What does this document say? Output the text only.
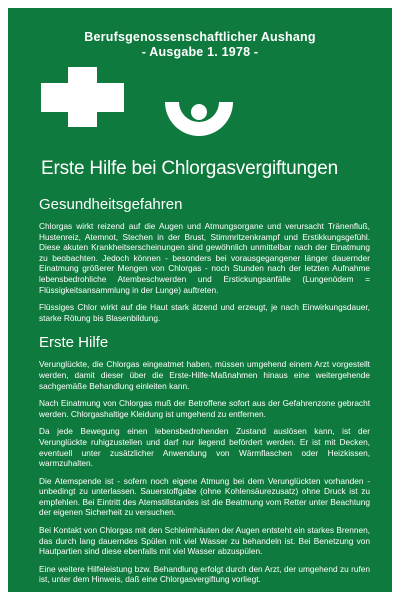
Berufsgenossenschaftlicher Aushang
- Ausgabe 1. 1978 -
Erste Hilfe bei Chlorgasvergiftungen
Gesundheitsgefahren

Chlorgas wirkt reizend auf die Augen und Atmungsorgane und verursacht Tränenfluß, Hustenreiz, Atemnot, Stechen in der Brust, Stimmritzenkrampf und Erstikkungsgefühl. Diese akuten Krankheitserscheinungen sind gewöhnlich unmittelbar nach der Einatmung zu beobachten. Jedoch können - besonders bei vorausgegangener länger dauernder Einatmung größerer Mengen von Chlorgas - noch Stunden nach der letzten Aufnahme lebensbedrohliche Atembeschwerden und Erstickungsanfälle (Lungenödem = Flüssigkeitsansammlung in der Lunge) auftreten.

Flüssiges Chlor wirkt auf die Haut stark ätzend und erzeugt, je nach Einwirkungsdauer, starke Rötung bis Blasenbildung.

Erste Hilfe

Verunglückte, die Chlorgas eingeatmet haben, müssen umgehend einem Arzt vorgestellt werden, damit dieser über die Erste-Hilfe-Maßnahmen hinaus eine weitergehende sachgemäße Behandlung einleiten kann.

Nach Einatmung von Chlorgas muß der Betroffene sofort aus der Gefahrenzone gebracht werden. Chlorgashaltige Kleidung ist umgehend zu entfernen.

Da jede Bewegung einen lebensbedrohenden Zustand auslösen kann, ist der Verunglückte ruhigzustellen und darf nur liegend befördert werden. Er ist mit Decken, eventuell unter zusätzlicher Anwendung von Wärmflaschen oder Heizkissen, warmzuhalten.

Die Atemspende ist - sofern noch eigene Atmung bei dem Verunglückten vorhanden - unbedingt zu unterlassen. Sauerstoffgabe (ohne Kohlensäurezusatz) ohne Druck ist zu empfehlen. Bei Eintritt des Atemstillstandes ist die Beatmung vom Retter unter Beachtung der eigenen Sicherheit zu versuchen.

Bei Kontakt von Chlorgas mit den Schleimhäuten der Augen entsteht ein starkes Brennen, das durch lang dauerndes Spülen mit viel Wasser zu behandeln ist. Bei Benetzung von Hautpartien sind diese ebenfalls mit viel Wasser abzuspülen.

Eine weitere Hilfeleistung bzw. Behandlung erfolgt durch den Arzt, der umgehend zu rufen ist, unter dem Hinweis, daß eine Chlorgasvergiftung vorliegt.
